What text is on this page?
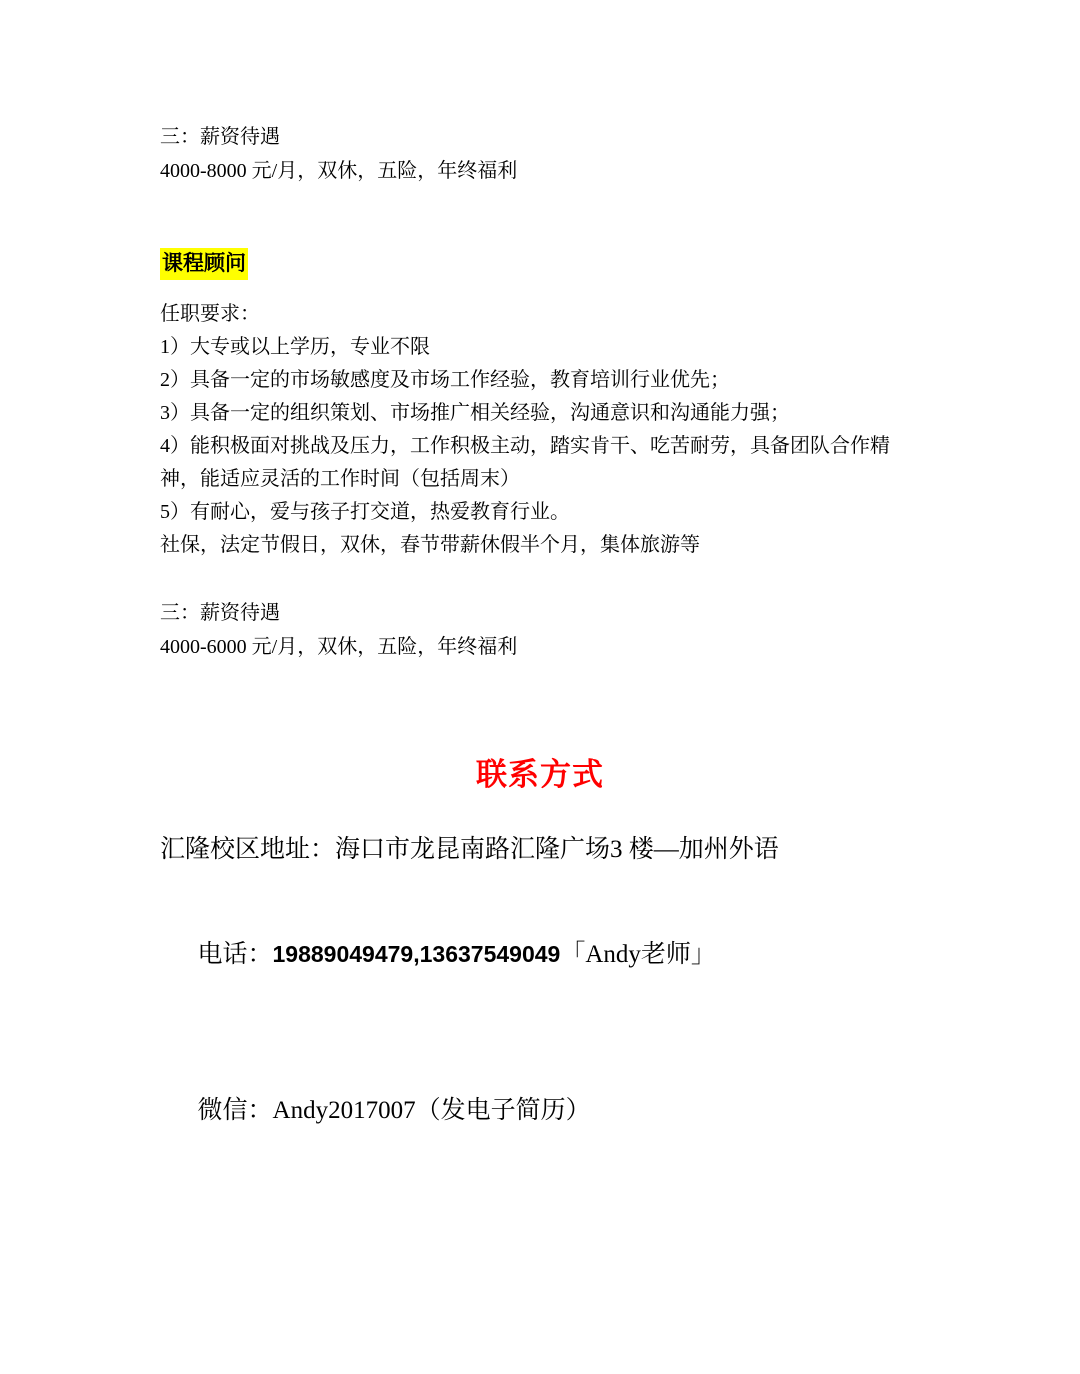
三：薪资待遇
4000-8000 元/月，双休，五险，年终福利
课程顾问
任职要求：
1）大专或以上学历，专业不限
2）具备一定的市场敏感度及市场工作经验，教育培训行业优先；
3）具备一定的组织策划、市场推广相关经验，沟通意识和沟通能力强；
4）能积极面对挑战及压力，工作积极主动，踏实肯干、吃苦耐劳，具备团队合作精神，能适应灵活的工作时间（包括周末）
5）有耐心，爱与孩子打交道，热爱教育行业。
社保，法定节假日，双休，春节带薪休假半个月，集体旅游等
三：薪资待遇
4000-6000 元/月，双休，五险，年终福利
联系方式
汇隆校区地址：海口市龙昆南路汇隆广场3 楼—加州外语

电话：19889049479,13637549049「Andy老师」

微信：Andy2017007（发电子简历）
